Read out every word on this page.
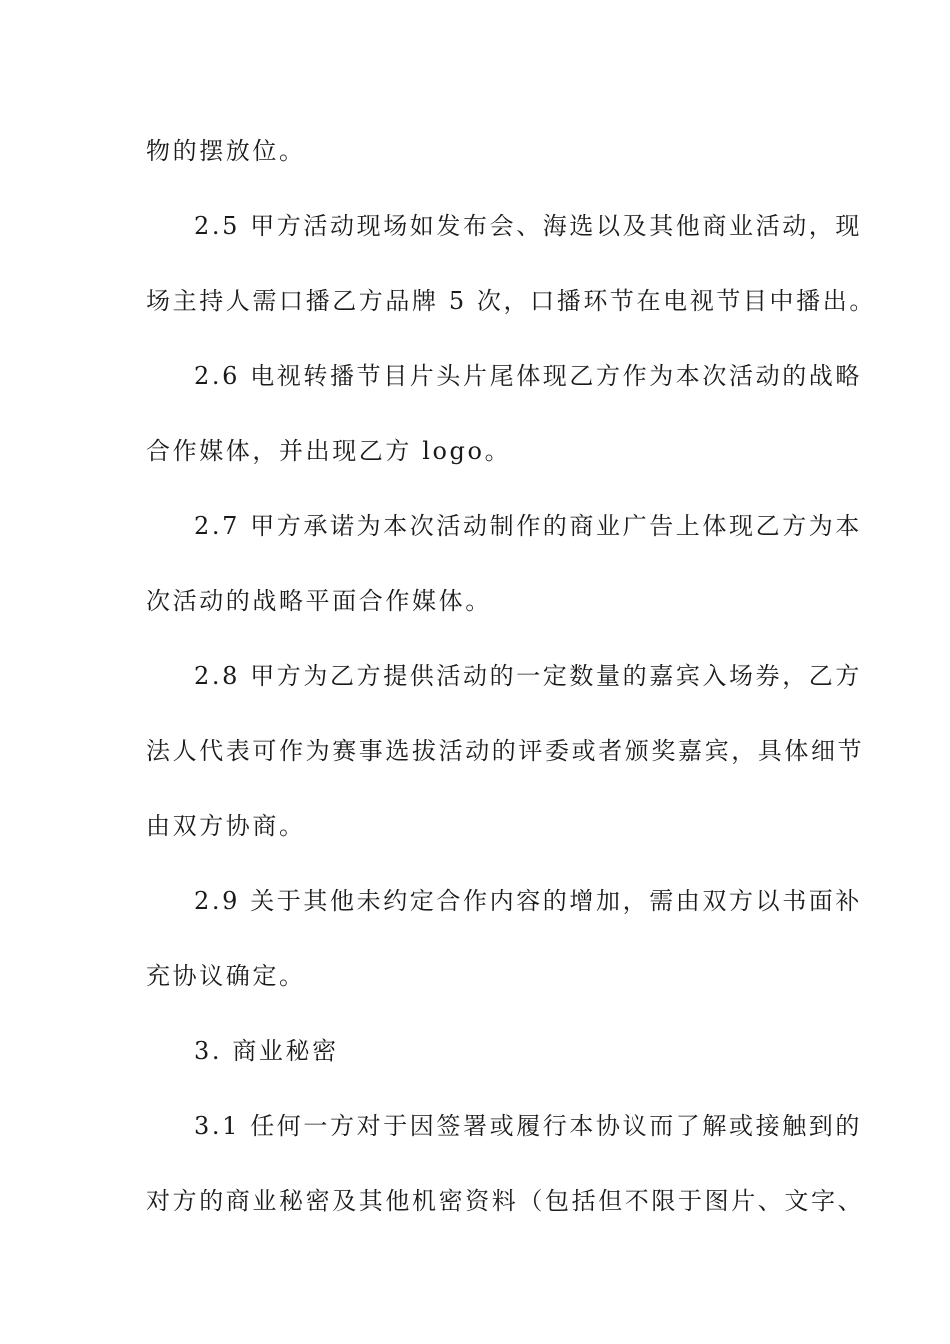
物的摆放位。
2.5 甲方活动现场如发布会、海选以及其他商业活动，现
场主持人需口播乙方品牌 5 次，口播环节在电视节目中播出。
2.6 电视转播节目片头片尾体现乙方作为本次活动的战略
合作媒体，并出现乙方 logo。
2.7 甲方承诺为本次活动制作的商业广告上体现乙方为本
次活动的战略平面合作媒体。
2.8 甲方为乙方提供活动的一定数量的嘉宾入场券，乙方
法人代表可作为赛事选拔活动的评委或者颁奖嘉宾，具体细节
由双方协商。
2.9 关于其他未约定合作内容的增加，需由双方以书面补
充协议确定。
3. 商业秘密
3.1 任何一方对于因签署或履行本协议而了解或接触到的
对方的商业秘密及其他机密资料（包括但不限于图片、文字、
